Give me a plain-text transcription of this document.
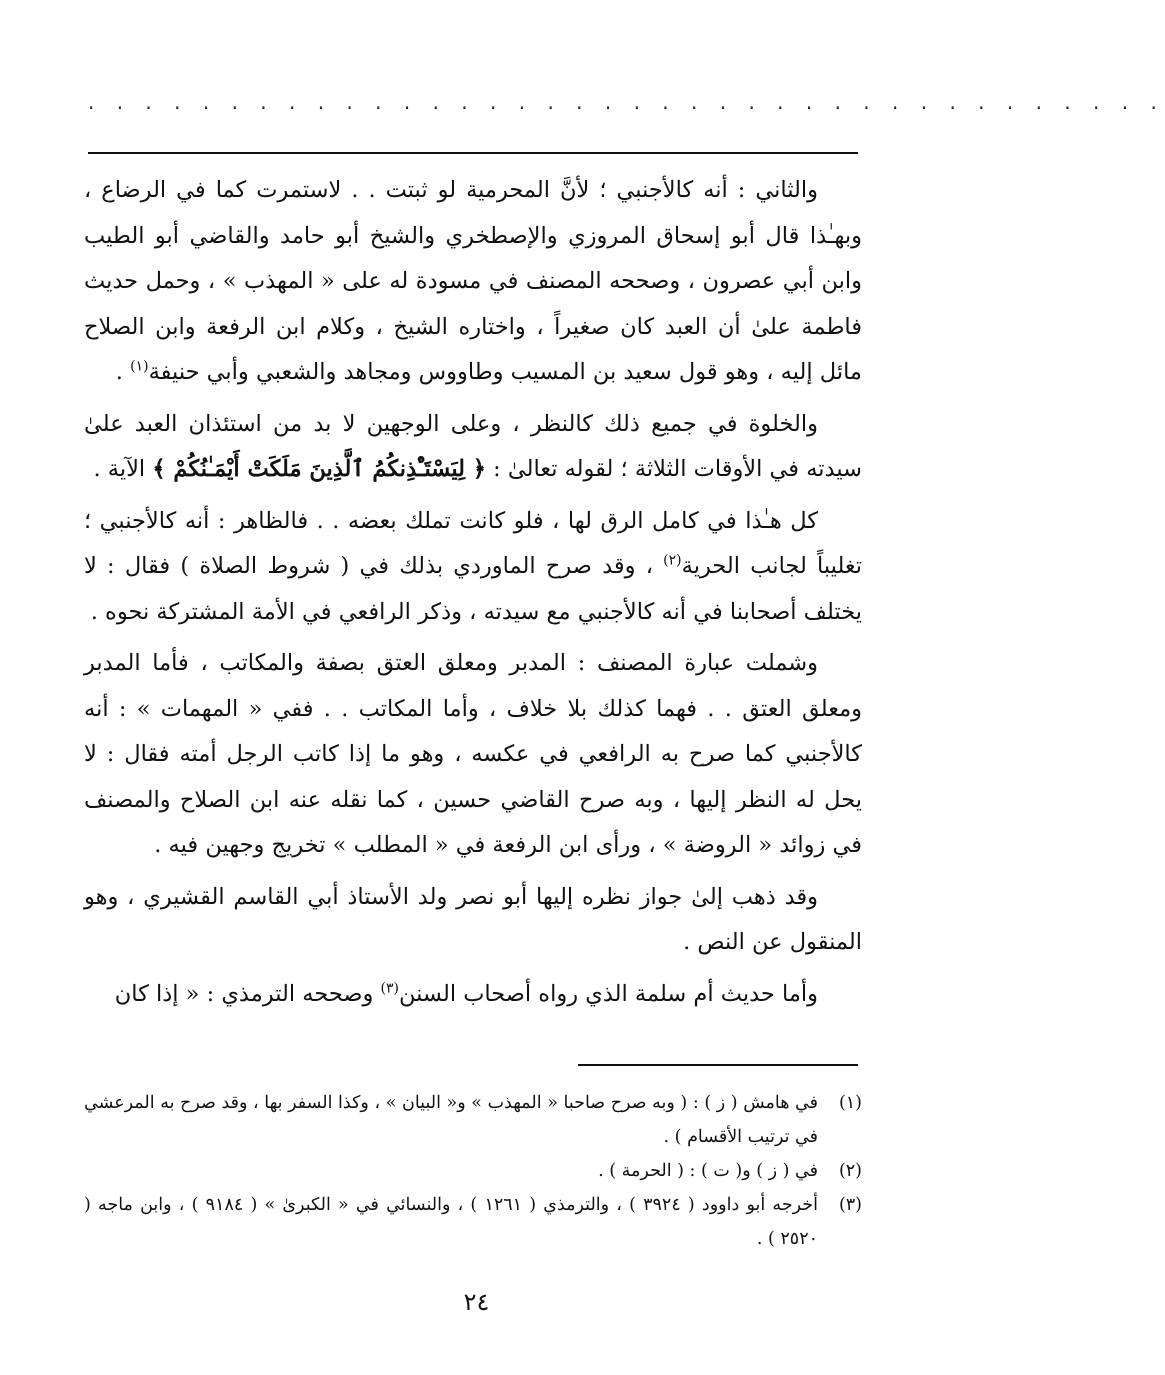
· · · · · · · · · · · · · · · · · · · · · · · · · · · · · · · · · · · · · ·

والثاني : أنه كالأجنبي ؛ لأنَّ المحرمية لو ثبتت . . لاستمرت كما في الرضاع ، وبهـٰذا قال أبو إسحاق المروزي والإصطخري والشيخ أبو حامد والقاضي أبو الطيب وابن أبي عصرون ، وصححه المصنف في مسودة له على « المهذب » ، وحمل حديث فاطمة علىٰ أن العبد كان صغيراً ، واختاره الشيخ ، وكلام ابن الرفعة وابن الصلاح مائل إليه ، وهو قول سعيد بن المسيب وطاووس ومجاهد والشعبي وأبي حنيفة$^{(١)}$ .

والخلوة في جميع ذلك كالنظر ، وعلى الوجهين لا بد من استئذان العبد علىٰ سيدته في الأوقات الثلاثة ؛ لقوله تعالىٰ : ﴿ لِيَسْتَـْٔذِنكُمُ ٱلَّذِينَ مَلَكَتْ أَيْمَـٰنُكُمْ ﴾ الآية .

كل هـٰذا في كامل الرق لها ، فلو كانت تملك بعضه . . فالظاهر : أنه كالأجنبي ؛ تغليباً لجانب الحرية$^{(٢)}$ ، وقد صرح الماوردي بذلك في ( شروط الصلاة ) فقال : لا يختلف أصحابنا في أنه كالأجنبي مع سيدته ، وذكر الرافعي في الأمة المشتركة نحوه .

وشملت عبارة المصنف : المدبر ومعلق العتق بصفة والمكاتب ، فأما المدبر ومعلق العتق . . فهما كذلك بلا خلاف ، وأما المكاتب . . ففي « المهمات » : أنه كالأجنبي كما صرح به الرافعي في عكسه ، وهو ما إذا كاتب الرجل أمته فقال : لا يحل له النظر إليها ، وبه صرح القاضي حسين ، كما نقله عنه ابن الصلاح والمصنف في زوائد « الروضة » ، ورأى ابن الرفعة في « المطلب » تخريج وجهين فيه .

وقد ذهب إلىٰ جواز نظره إليها أبو نصر ولد الأستاذ أبي القاسم القشيري ، وهو المنقول عن النص .

وأما حديث أم سلمة الذي رواه أصحاب السنن$^{(٣)}$ وصححه الترمذي : « إذا كان

(١)
في هامش ( ز ) : ( وبه صرح صاحبا « المهذب » و« البيان » ، وكذا السفر بها ، وقد صرح به المرعشي في ترتيب الأقسام ) .
(٢)
في ( ز ) و( ت ) : ( الحرمة ) .
(٣)
أخرجه أبو داوود ( ٣٩٢٤ ) ، والترمذي ( ١٢٦١ ) ، والنسائي في « الكبرىٰ » ( ٩١٨٤ ) ، وابن ماجه ( ٢٥٢٠ ) .
٢٤
